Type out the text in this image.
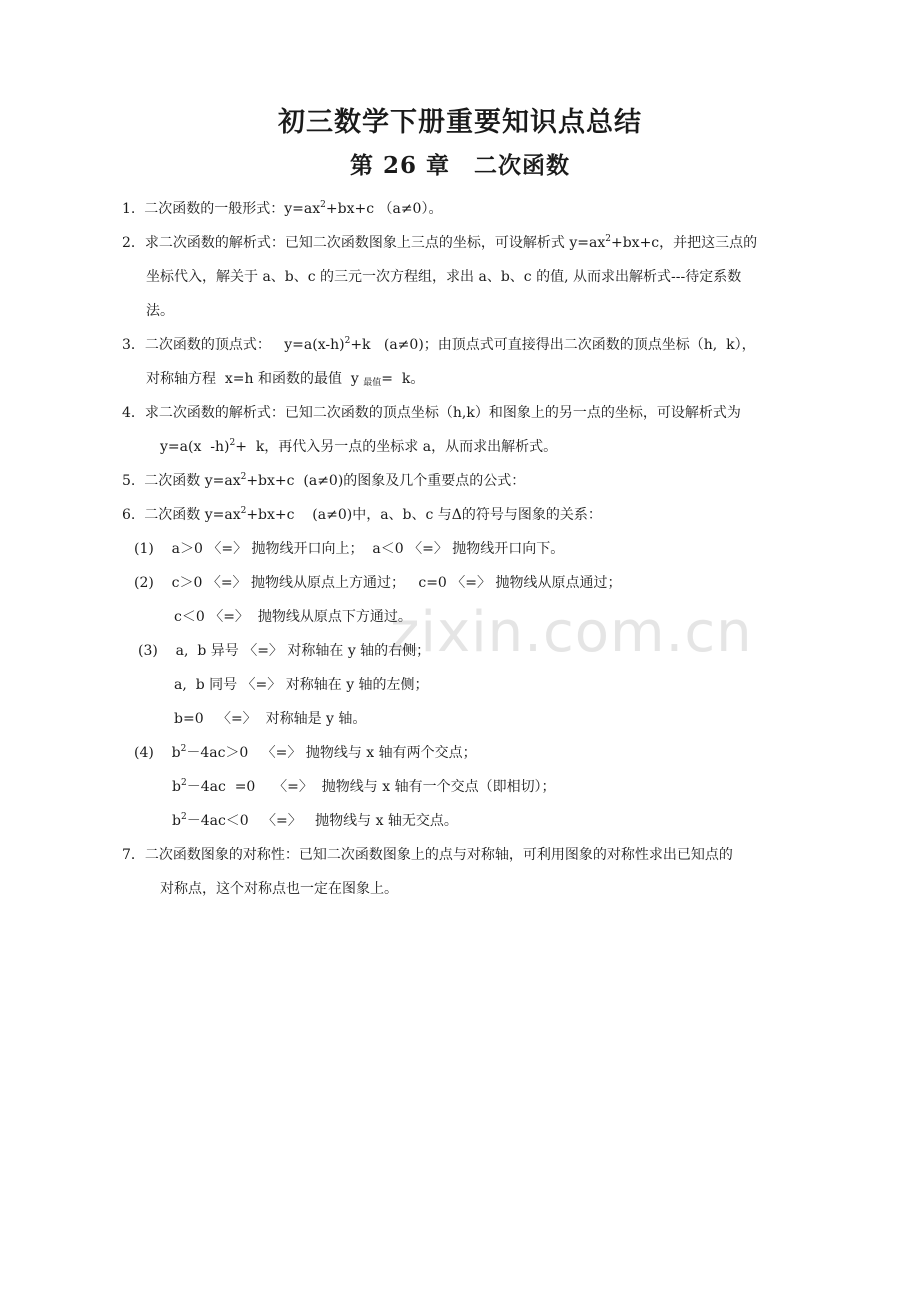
zixin.com.cn
初三数学下册重要知识点总结
第 26 章　二次函数
1.  二次函数的一般形式：$y=ax^2+bx+c$ （a≠0）。
2．求二次函数的解析式：已知二次函数图象上三点的坐标，可设解析式 $y=ax^2+bx+c$，并把这三点的
坐标代入，解关于 a、b、c 的三元一次方程组，求出 a、b、c 的值, 从而求出解析式---待定系数
法。
3．二次函数的顶点式：   $y=a(x-h)^2+k$   (a≠0)；由顶点式可直接得出二次函数的顶点坐标（h,  k），
对称轴方程  x=h 和函数的最值  y $_{最值}$=  k。
4．求二次函数的解析式：已知二次函数的顶点坐标（h,k）和图象上的另一点的坐标，可设解析式为
y=a(x  -h)$^2$+  k，再代入另一点的坐标求 a，从而求出解析式。
5.  二次函数 $y=ax^2+bx+c$  (a≠0)的图象及几个重要点的公式：
6.  二次函数 $y=ax^2+bx+c$    (a≠0)中，a、b、c 与Δ的符号与图象的关系：
(1)    a＞0 〈=〉 抛物线开口向上；  a＜0 〈=〉 抛物线开口向下。
(2)    c＞0 〈=〉 抛物线从原点上方通过；   c=0 〈=〉 抛物线从原点通过；
c＜0 〈=〉  抛物线从原点下方通过。
(3)    a,  b 异号 〈=〉 对称轴在 y 轴的右侧；
a,  b 同号 〈=〉 对称轴在 y 轴的左侧；
b=0   〈=〉  对称轴是 y 轴。
(4)    $b^2-4ac>0$   〈=〉 抛物线与 x 轴有两个交点；
$b^2-4ac =0$    〈=〉  抛物线与 x 轴有一个交点（即相切）；
$b^2-4ac<0$   〈=〉   抛物线与 x 轴无交点。
7．二次函数图象的对称性：已知二次函数图象上的点与对称轴，可利用图象的对称性求出已知点的
对称点，这个对称点也一定在图象上。
